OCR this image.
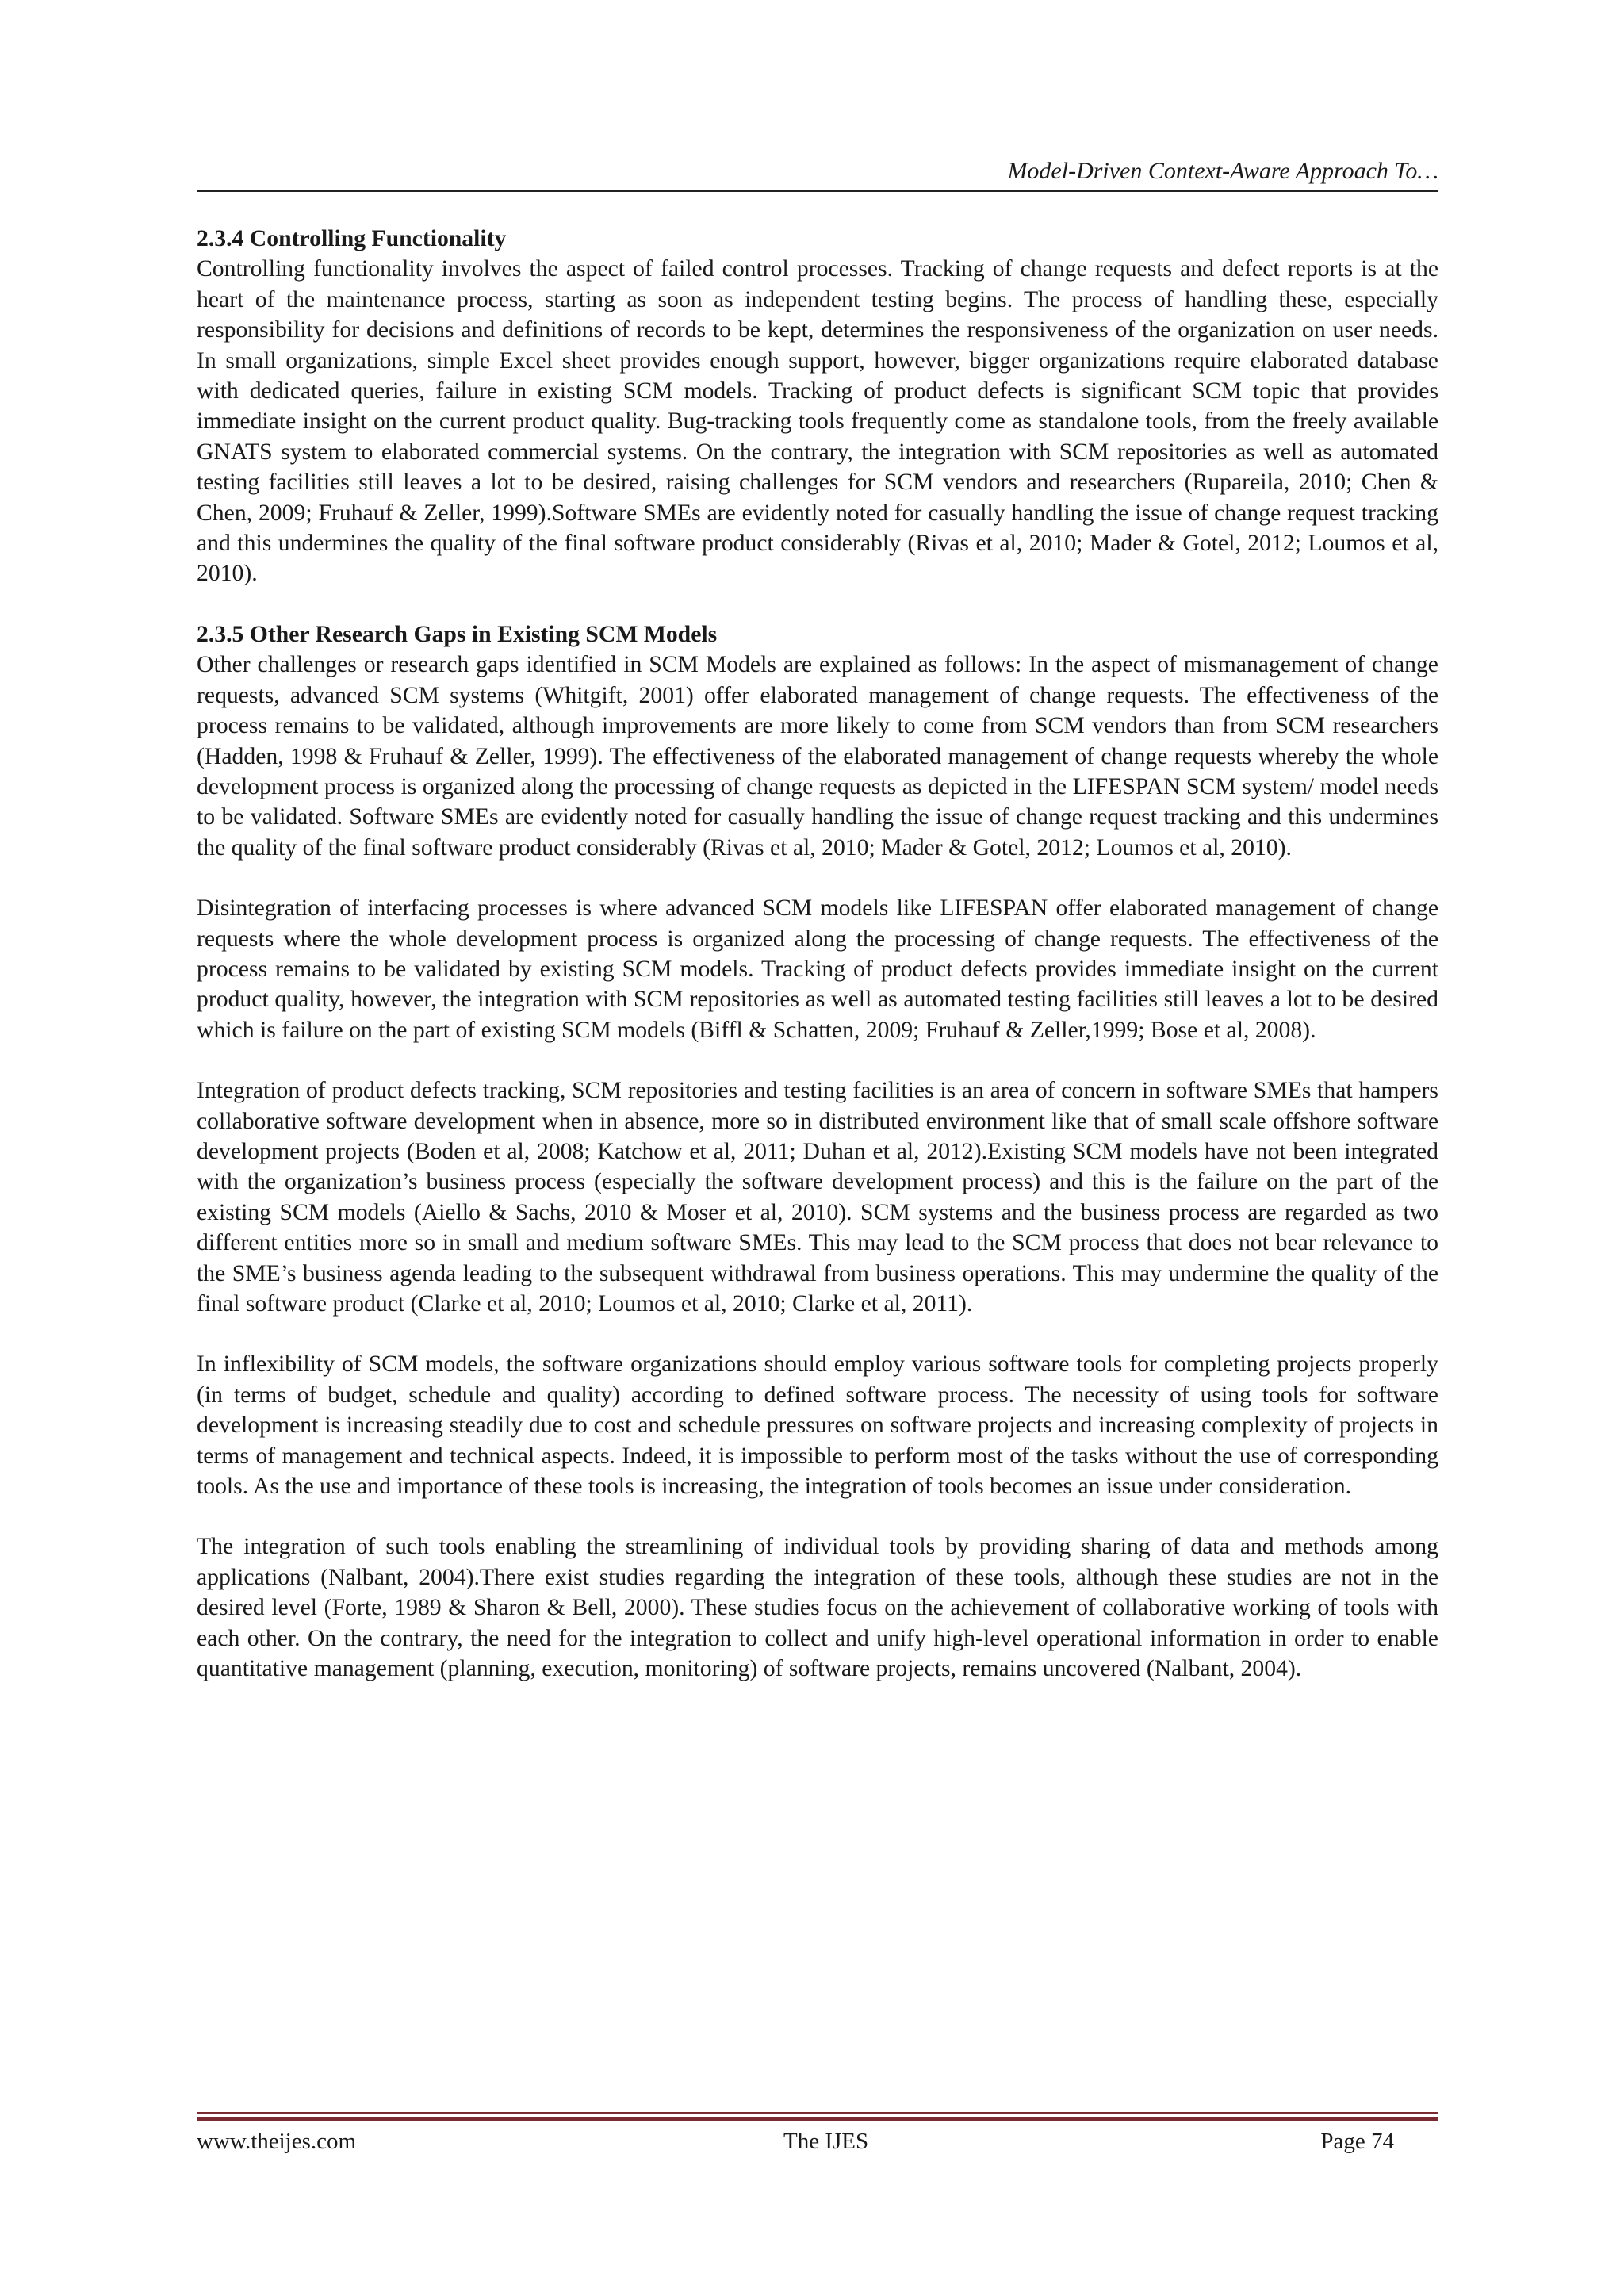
Model-Driven Context-Aware Approach To…

2.3.4 Controlling Functionality

Controlling functionality involves the aspect of failed control processes. Tracking of change requests and defect reports is at the heart of the maintenance process, starting as soon as independent testing begins. The process of handling these, especially responsibility for decisions and definitions of records to be kept, determines the responsiveness of the organization on user needs. In small organizations, simple Excel sheet provides enough support, however, bigger organizations require elaborated database with dedicated queries, failure in existing SCM models. Tracking of product defects is significant SCM topic that provides immediate insight on the current product quality. Bug-tracking tools frequently come as standalone tools, from the freely available GNATS system to elaborated commercial systems. On the contrary, the integration with SCM repositories as well as automated testing facilities still leaves a lot to be desired, raising challenges for SCM vendors and researchers (Rupareila, 2010; Chen & Chen, 2009; Fruhauf & Zeller, 1999).Software SMEs are evidently noted for casually handling the issue of change request tracking and this undermines the quality of the final software product considerably (Rivas et al, 2010; Mader & Gotel, 2012; Loumos et al, 2010).

2.3.5 Other Research Gaps in Existing SCM Models

Other challenges or research gaps identified in SCM Models are explained as follows: In the aspect of mismanagement of change requests, advanced SCM systems (Whitgift, 2001) offer elaborated management of change requests. The effectiveness of the process remains to be validated, although improvements are more likely to come from SCM vendors than from SCM researchers (Hadden, 1998 & Fruhauf & Zeller, 1999). The effectiveness of the elaborated management of change requests whereby the whole development process is organized along the processing of change requests as depicted in the LIFESPAN SCM system/ model needs to be validated. Software SMEs are evidently noted for casually handling the issue of change request tracking and this undermines the quality of the final software product considerably (Rivas et al, 2010; Mader & Gotel, 2012; Loumos et al, 2010).

Disintegration of interfacing processes is where advanced SCM models like LIFESPAN offer elaborated management of change requests where the whole development process is organized along the processing of change requests. The effectiveness of the process remains to be validated by existing SCM models. Tracking of product defects provides immediate insight on the current product quality, however, the integration with SCM repositories as well as automated testing facilities still leaves a lot to be desired which is failure on the part of existing SCM models (Biffl & Schatten, 2009; Fruhauf & Zeller,1999; Bose et al, 2008).

Integration of product defects tracking, SCM repositories and testing facilities is an area of concern in software SMEs that hampers collaborative software development when in absence, more so in distributed environment like that of small scale offshore software development projects (Boden et al, 2008; Katchow et al, 2011; Duhan et al, 2012).Existing SCM models have not been integrated with the organization’s business process (especially the software development process) and this is the failure on the part of the existing SCM models (Aiello & Sachs, 2010 & Moser et al, 2010). SCM systems and the business process are regarded as two different entities more so in small and medium software SMEs. This may lead to the SCM process that does not bear relevance to the SME’s business agenda leading to the subsequent withdrawal from business operations. This may undermine the quality of the final software product (Clarke et al, 2010; Loumos et al, 2010; Clarke et al, 2011).

In inflexibility of SCM models, the software organizations should employ various software tools for completing projects properly (in terms of budget, schedule and quality) according to defined software process. The necessity of using tools for software development is increasing steadily due to cost and schedule pressures on software projects and increasing complexity of projects in terms of management and technical aspects. Indeed, it is impossible to perform most of the tasks without the use of corresponding tools. As the use and importance of these tools is increasing, the integration of tools becomes an issue under consideration.

The integration of such tools enabling the streamlining of individual tools by providing sharing of data and methods among applications (Nalbant, 2004).There exist studies regarding the integration of these tools, although these studies are not in the desired level (Forte, 1989 & Sharon & Bell, 2000). These studies focus on the achievement of collaborative working of tools with each other. On the contrary, the need for the integration to collect and unify high-level operational information in order to enable quantitative management (planning, execution, monitoring) of software projects, remains uncovered (Nalbant, 2004).

www.theijes.com	The IJES	Page 74
